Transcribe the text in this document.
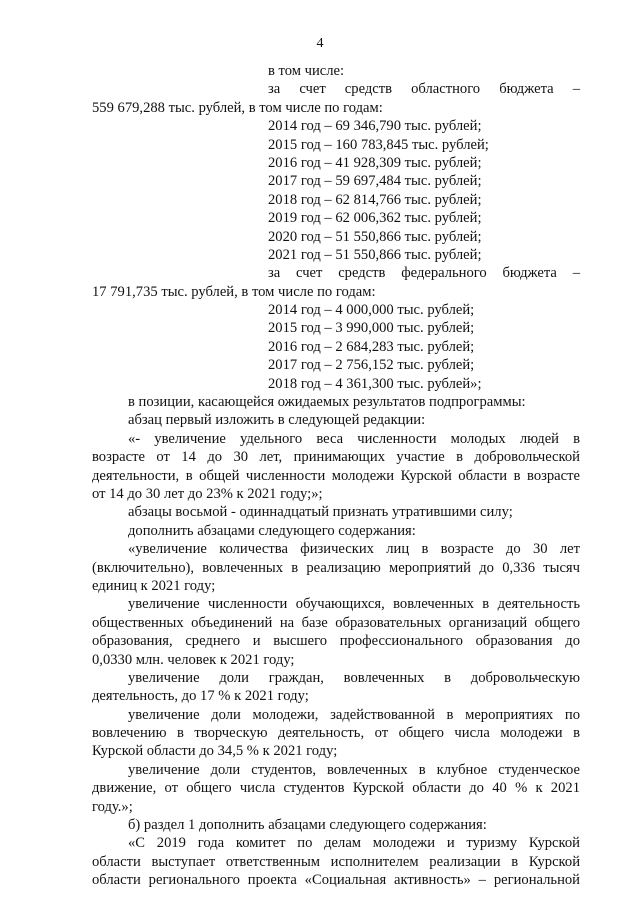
4
в том числе:
за счет средств областного бюджета –
559 679,288 тыс. рублей, в том числе по годам:
2014 год – 69 346,790 тыс. рублей;
2015 год – 160 783,845 тыс. рублей;
2016 год – 41 928,309 тыс. рублей;
2017 год – 59 697,484 тыс. рублей;
2018 год – 62 814,766 тыс. рублей;
2019 год – 62 006,362 тыс. рублей;
2020 год – 51 550,866 тыс. рублей;
2021 год – 51 550,866 тыс. рублей;
за счет средств федерального бюджета –
17 791,735 тыс. рублей, в том числе по годам:
2014 год – 4 000,000 тыс. рублей;
2015 год – 3 990,000 тыс. рублей;
2016 год – 2 684,283 тыс. рублей;
2017 год – 2 756,152 тыс. рублей;
2018 год – 4 361,300 тыс. рублей»;
в позиции, касающейся ожидаемых результатов подпрограммы:
абзац первый изложить в следующей редакции:
«- увеличение удельного веса численности молодых людей в
возрасте от 14 до 30 лет, принимающих участие в добровольческой
деятельности, в общей численности молодежи Курской области в возрасте
от 14 до 30 лет до 23% к 2021 году;»;
абзацы восьмой - одиннадцатый признать утратившими силу;
дополнить абзацами следующего содержания:
«увеличение количества физических лиц в возрасте до 30 лет
(включительно), вовлеченных в реализацию мероприятий до 0,336 тысяч
единиц к 2021 году;
увеличение численности обучающихся, вовлеченных в деятельность
общественных объединений на базе образовательных организаций общего
образования, среднего и высшего профессионального образования до
0,0330 млн. человек к 2021 году;
увеличение доли граждан, вовлеченных в добровольческую
деятельность, до 17 % к 2021 году;
увеличение доли молодежи, задействованной в мероприятиях по
вовлечению в творческую деятельность, от общего числа молодежи в
Курской области до 34,5 % к 2021 году;
увеличение доли студентов, вовлеченных в клубное студенческое
движение, от общего числа студентов Курской области до 40 % к 2021
году.»;
б) раздел 1 дополнить абзацами следующего содержания:
«С 2019 года комитет по делам молодежи и туризму Курской
области выступает ответственным исполнителем реализации в Курской
области регионального проекта «Социальная активность» – региональной
